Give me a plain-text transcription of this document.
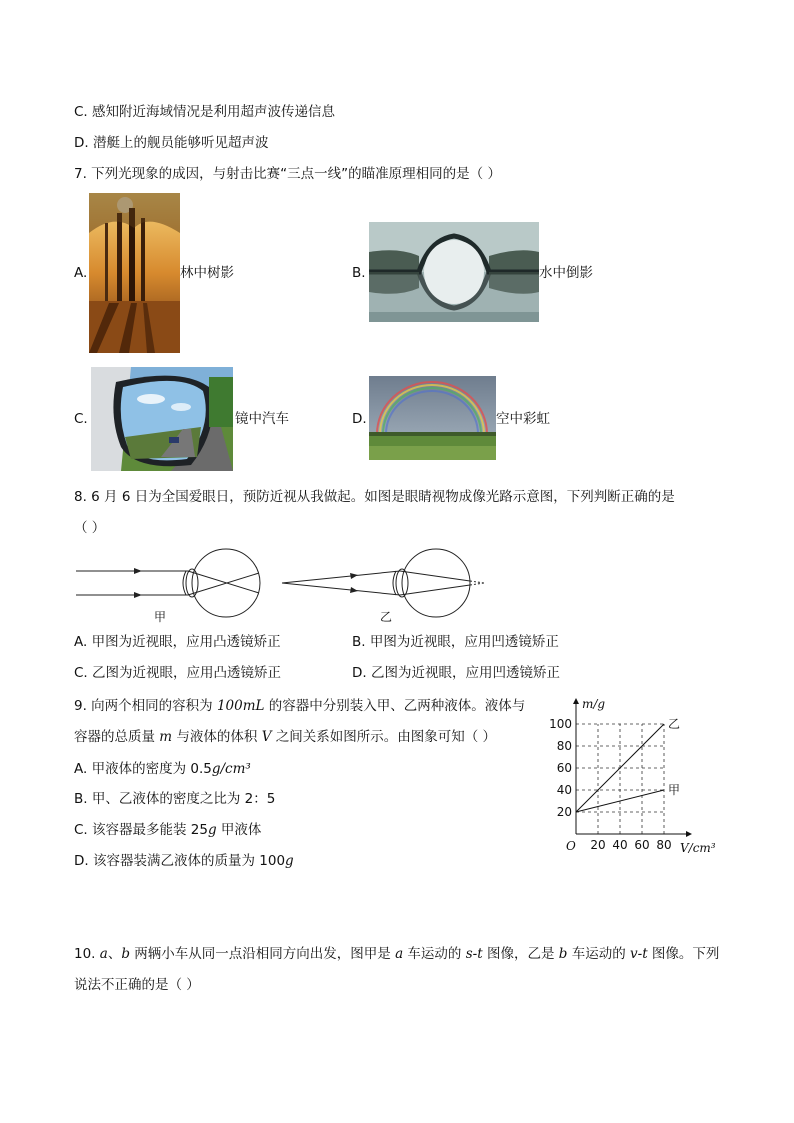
C. 感知附近海域情况是利用超声波传递信息
D. 潜艇上的舰员能够听见超声波
7. 下列光现象的成因，与射击比赛“三点一线”的瞄准原理相同的是（ ）
A.	林中树影	B.	水中倒影
C.	镜中汽车	D.	空中彩虹
8. 6 月 6 日为全国爱眼日，预防近视从我做起。如图是眼睛视物成像光路示意图，下列判断正确的是
（ ）
甲	乙
A. 甲图为近视眼，应用凸透镜矫正	B. 甲图为近视眼，应用凹透镜矫正
C. 乙图为近视眼，应用凸透镜矫正	D. 乙图为近视眼，应用凹透镜矫正
9. 向两个相同的容积为 100mL 的容器中分别装入甲、乙两种液体。液体与
容器的总质量 m 与液体的体积 V 之间关系如图所示。由图象可知（ ）
A. 甲液体的密度为 0.5g/cm³
B. 甲、乙液体的密度之比为 2：5
C. 该容器最多能装 25g 甲液体
D. 该容器装满乙液体的质量为 100g
20
40
60
80
100
20 40 60 80
乙
甲
m/g
V/cm³
O
10. a、b 两辆小车从同一点沿相同方向出发，图甲是 a 车运动的 s-t 图像，乙是 b 车运动的 v-t 图像。下列
说法不正确的是（ ）
